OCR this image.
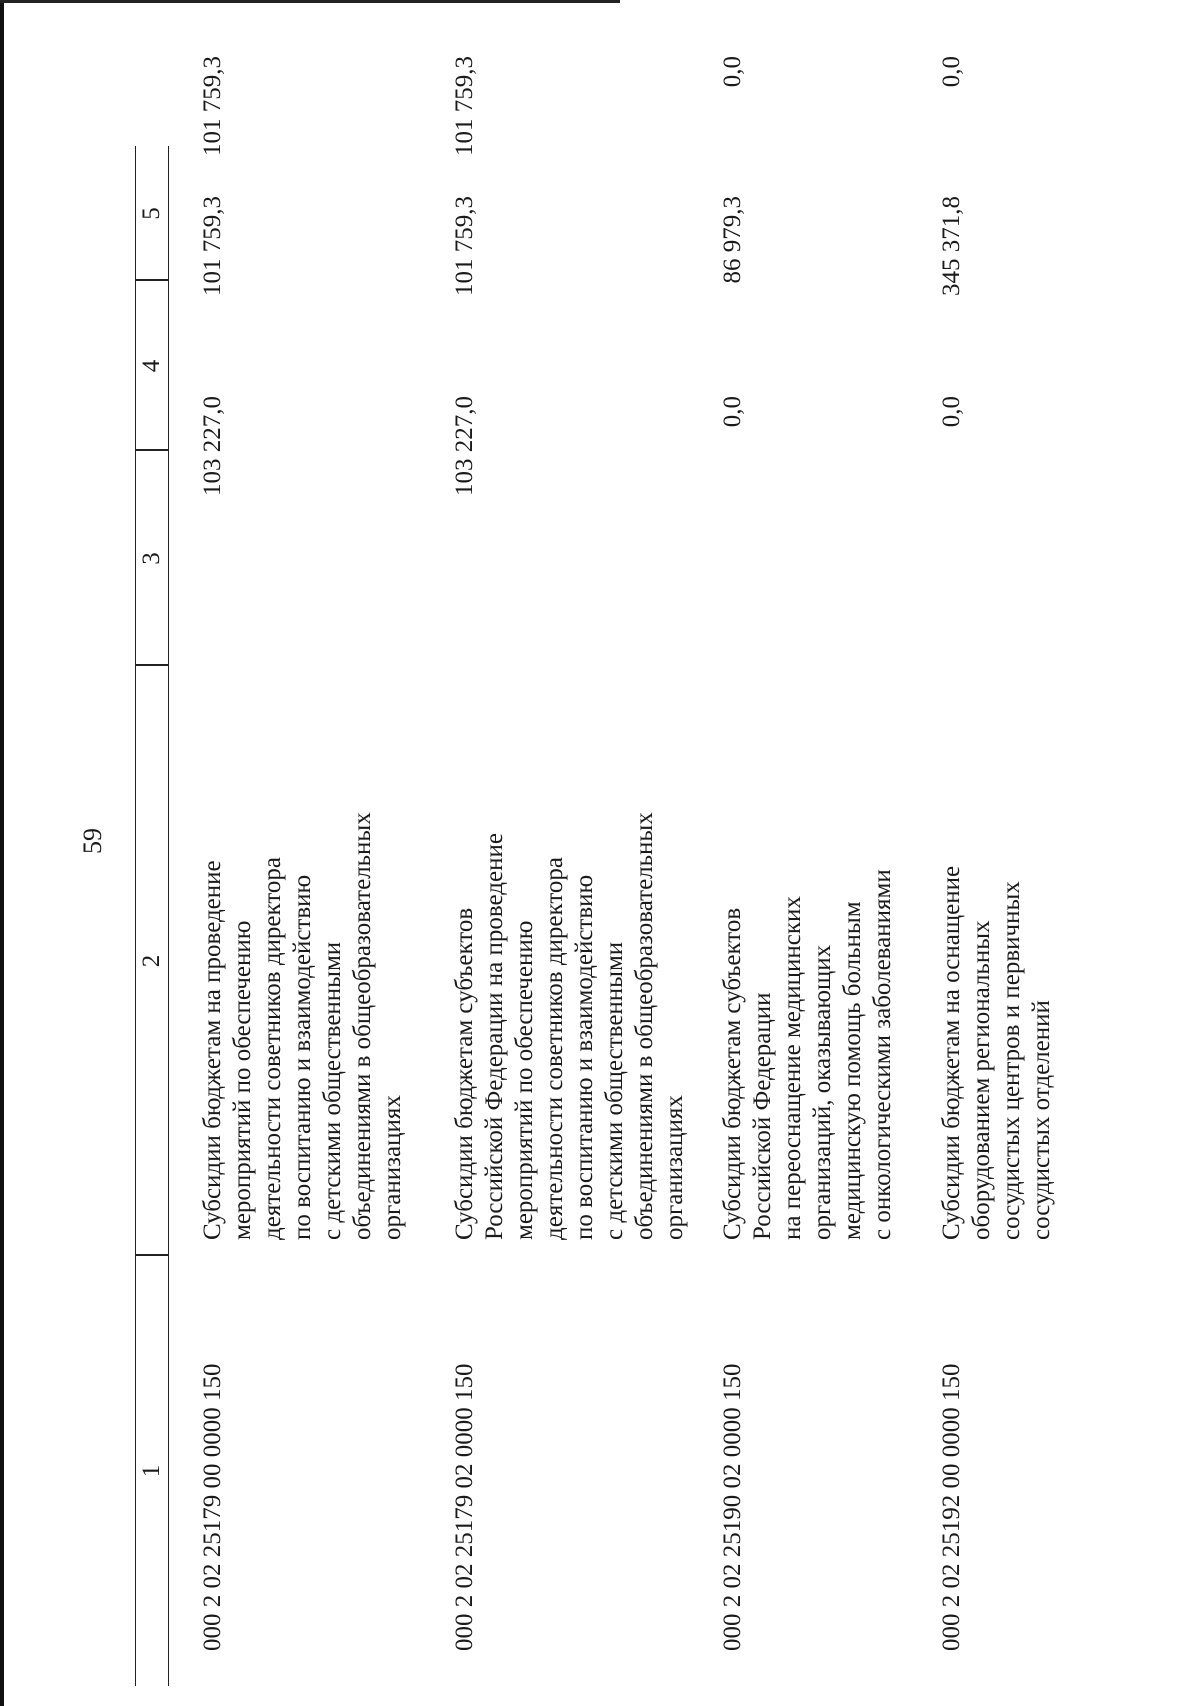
59
1
2
3
4
5
000 2 02 25179 00 0000 150
Субсидии бюджетам на проведение мероприятий по обеспечению деятельности советников директора по воспитанию и взаимодействию с детскими общественными объединениями в общеобразовательных организациях
103 227,0
101 759,3
101 759,3
000 2 02 25179 02 0000 150
Субсидии бюджетам субъектов Российской Федерации на проведение мероприятий по обеспечению деятельности советников директора по воспитанию и взаимодействию с детскими общественными объединениями в общеобразовательных организациях
103 227,0
101 759,3
101 759,3
000 2 02 25190 02 0000 150
Субсидии бюджетам субъектов Российской Федерации на переоснащение медицинских организаций, оказывающих медицинскую помощь больным с онкологическими заболеваниями
0,0
86 979,3
0,0
000 2 02 25192 00 0000 150
Субсидии бюджетам на оснащение оборудованием региональных сосудистых центров и первичных сосудистых отделений
0,0
345 371,8
0,0
